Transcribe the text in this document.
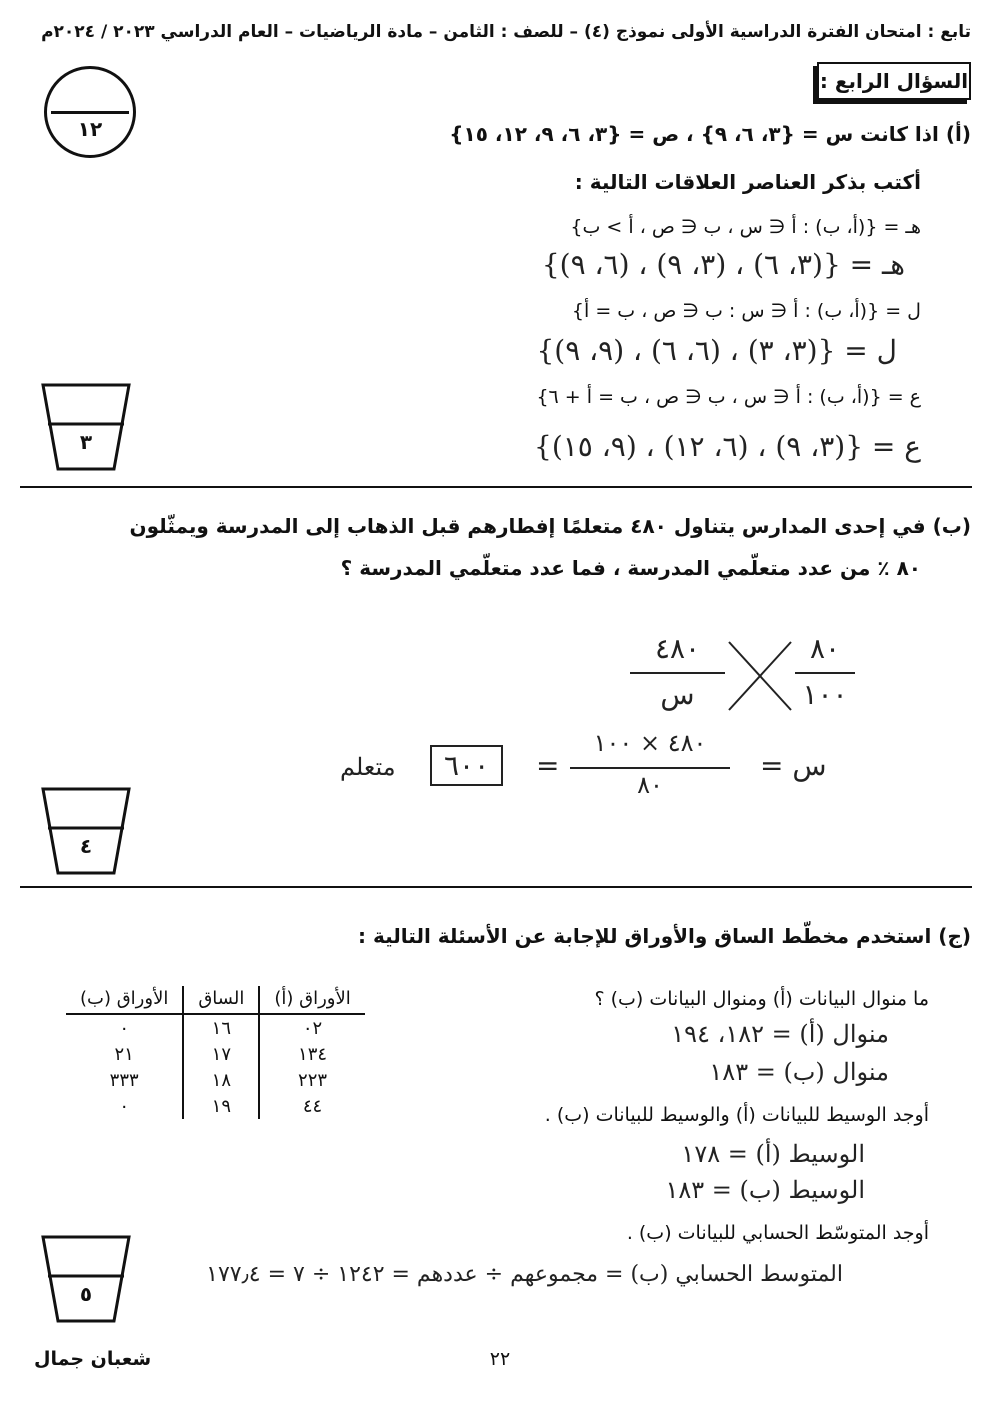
تابع : امتحان الفترة الدراسية الأولى نموذج (٤) – للصف : الثامن – مادة الرياضيات – العام الدراسي ٢٠٢٣ / ٢٠٢٤م
السؤال الرابع :
١٢	(أ) اذا كانت س = {٣، ٦، ٩} ، ص = {٣، ٦، ٩، ١٢، ١٥}
أكتب بذكر العناصر العلاقات التالية :
هـ = {(أ، ب) : أ ∈ س ، ب ∈ ص ، أ > ب}
هـ = {(٣، ٦) ، (٣، ٩) ، (٦، ٩)}
ل = {(أ، ب) : أ ∈ س : ب ∈ ص ، ب = أ}
ل = {(٣، ٣) ، (٦، ٦) ، (٩، ٩)}
ع = {(أ، ب) : أ ∈ س ، ب ∈ ص ، ب = أ + ٦}
ع = {(٣، ٩) ، (٦، ١٢) ، (٩، ١٥)}
٣
(ب) في إحدى المدارس يتناول ٤٨٠ متعلمًا إفطارهم قبل الذهاب إلى المدرسة ويمثّلون
٨٠ ٪ من عدد متعلّمي المدرسة ، فما عدد متعلّمي المدرسة ؟
٤٨٠
س
٨٠
١٠٠
متعلم	٦٠٠	=
٤٨٠ × ١٠٠
٨٠
س =
٤
(ج) استخدم مخطّط الساق والأوراق للإجابة عن الأسئلة التالية :
الأوراق (أ)	الساق	الأوراق (ب)
٠٢	١٦	٠
١٣٤	١٧	٢١
٢٢٣	١٨	٣٣٣
٤٤	١٩	٠
ما منوال البيانات (أ) ومنوال البيانات (ب) ؟
منوال (أ) = ١٨٢، ١٩٤
منوال (ب) = ١٨٣
أوجد الوسيط للبيانات (أ) والوسيط للبيانات (ب) .
الوسيط (أ) = ١٧٨
الوسيط (ب) = ١٨٣
أوجد المتوسّط الحسابي للبيانات (ب) .
المتوسط الحسابي (ب) = مجموعهم ÷ عددهم = ١٢٤٢ ÷ ٧ = ١٧٧٫٤
٥
٢٢
شعبان جمال
